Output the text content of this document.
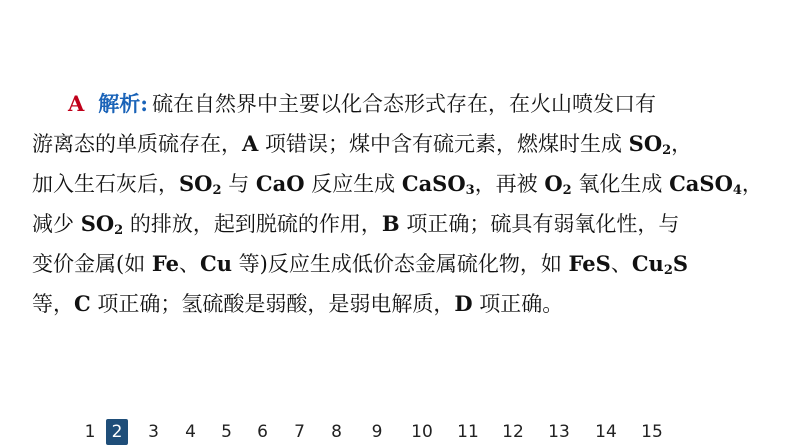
A 解析: 硫在自然界中主要以化合态形式存在，在火山喷发口有
游离态的单质硫存在，A 项错误；煤中含有硫元素，燃煤时生成 $SO_2$，
加入生石灰后，$SO_2$ 与 CaO 反应生成 CaSO$_3$，再被 $O_2$ 氧化生成 CaSO$_4$，
减少 $SO_2$ 的排放，起到脱硫的作用，B 项正确；硫具有弱氧化性，与
变价金属(如 Fe、Cu 等)反应生成低价态金属硫化物，如 FeS、$Cu_2S$
等，C 项正确；氢硫酸是弱酸，是弱电解质，D 项正确。
1 2	3	4	5	6	7	8	9	10	11	12	13	14	15
